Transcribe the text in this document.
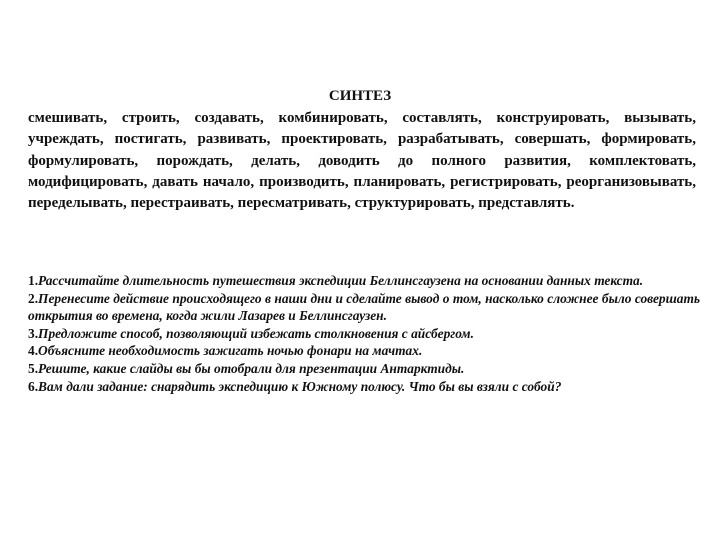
СИНТЕЗ
смешивать, строить, создавать, комбинировать, составлять, конструировать, вызывать, учреждать, постигать, развивать, проектировать, разрабатывать, совершать, формировать, формулировать, порождать, делать, доводить до полного развития, комплектовать, модифицировать, давать начало, производить, планировать, регистрировать, реорганизовывать, переделывать, перестраивать, пересматривать, структурировать, представлять.
1.Рассчитайте длительность путешествия экспедиции Беллинсгаузена на основании данных текста.
2.Перенесите действие происходящего в наши дни и сделайте вывод о том, насколько сложнее было совершать открытия во времена, когда жили Лазарев и Беллинсгаузен.
3.Предложите способ, позволяющий избежать столкновения с айсбергом.
4.Объясните необходимость зажигать ночью фонари на мачтах.
5.Решите, какие слайды вы бы отобрали для презентации Антарктиды.
6.Вам дали задание: снарядить экспедицию к Южному полюсу. Что бы вы взяли с собой?
